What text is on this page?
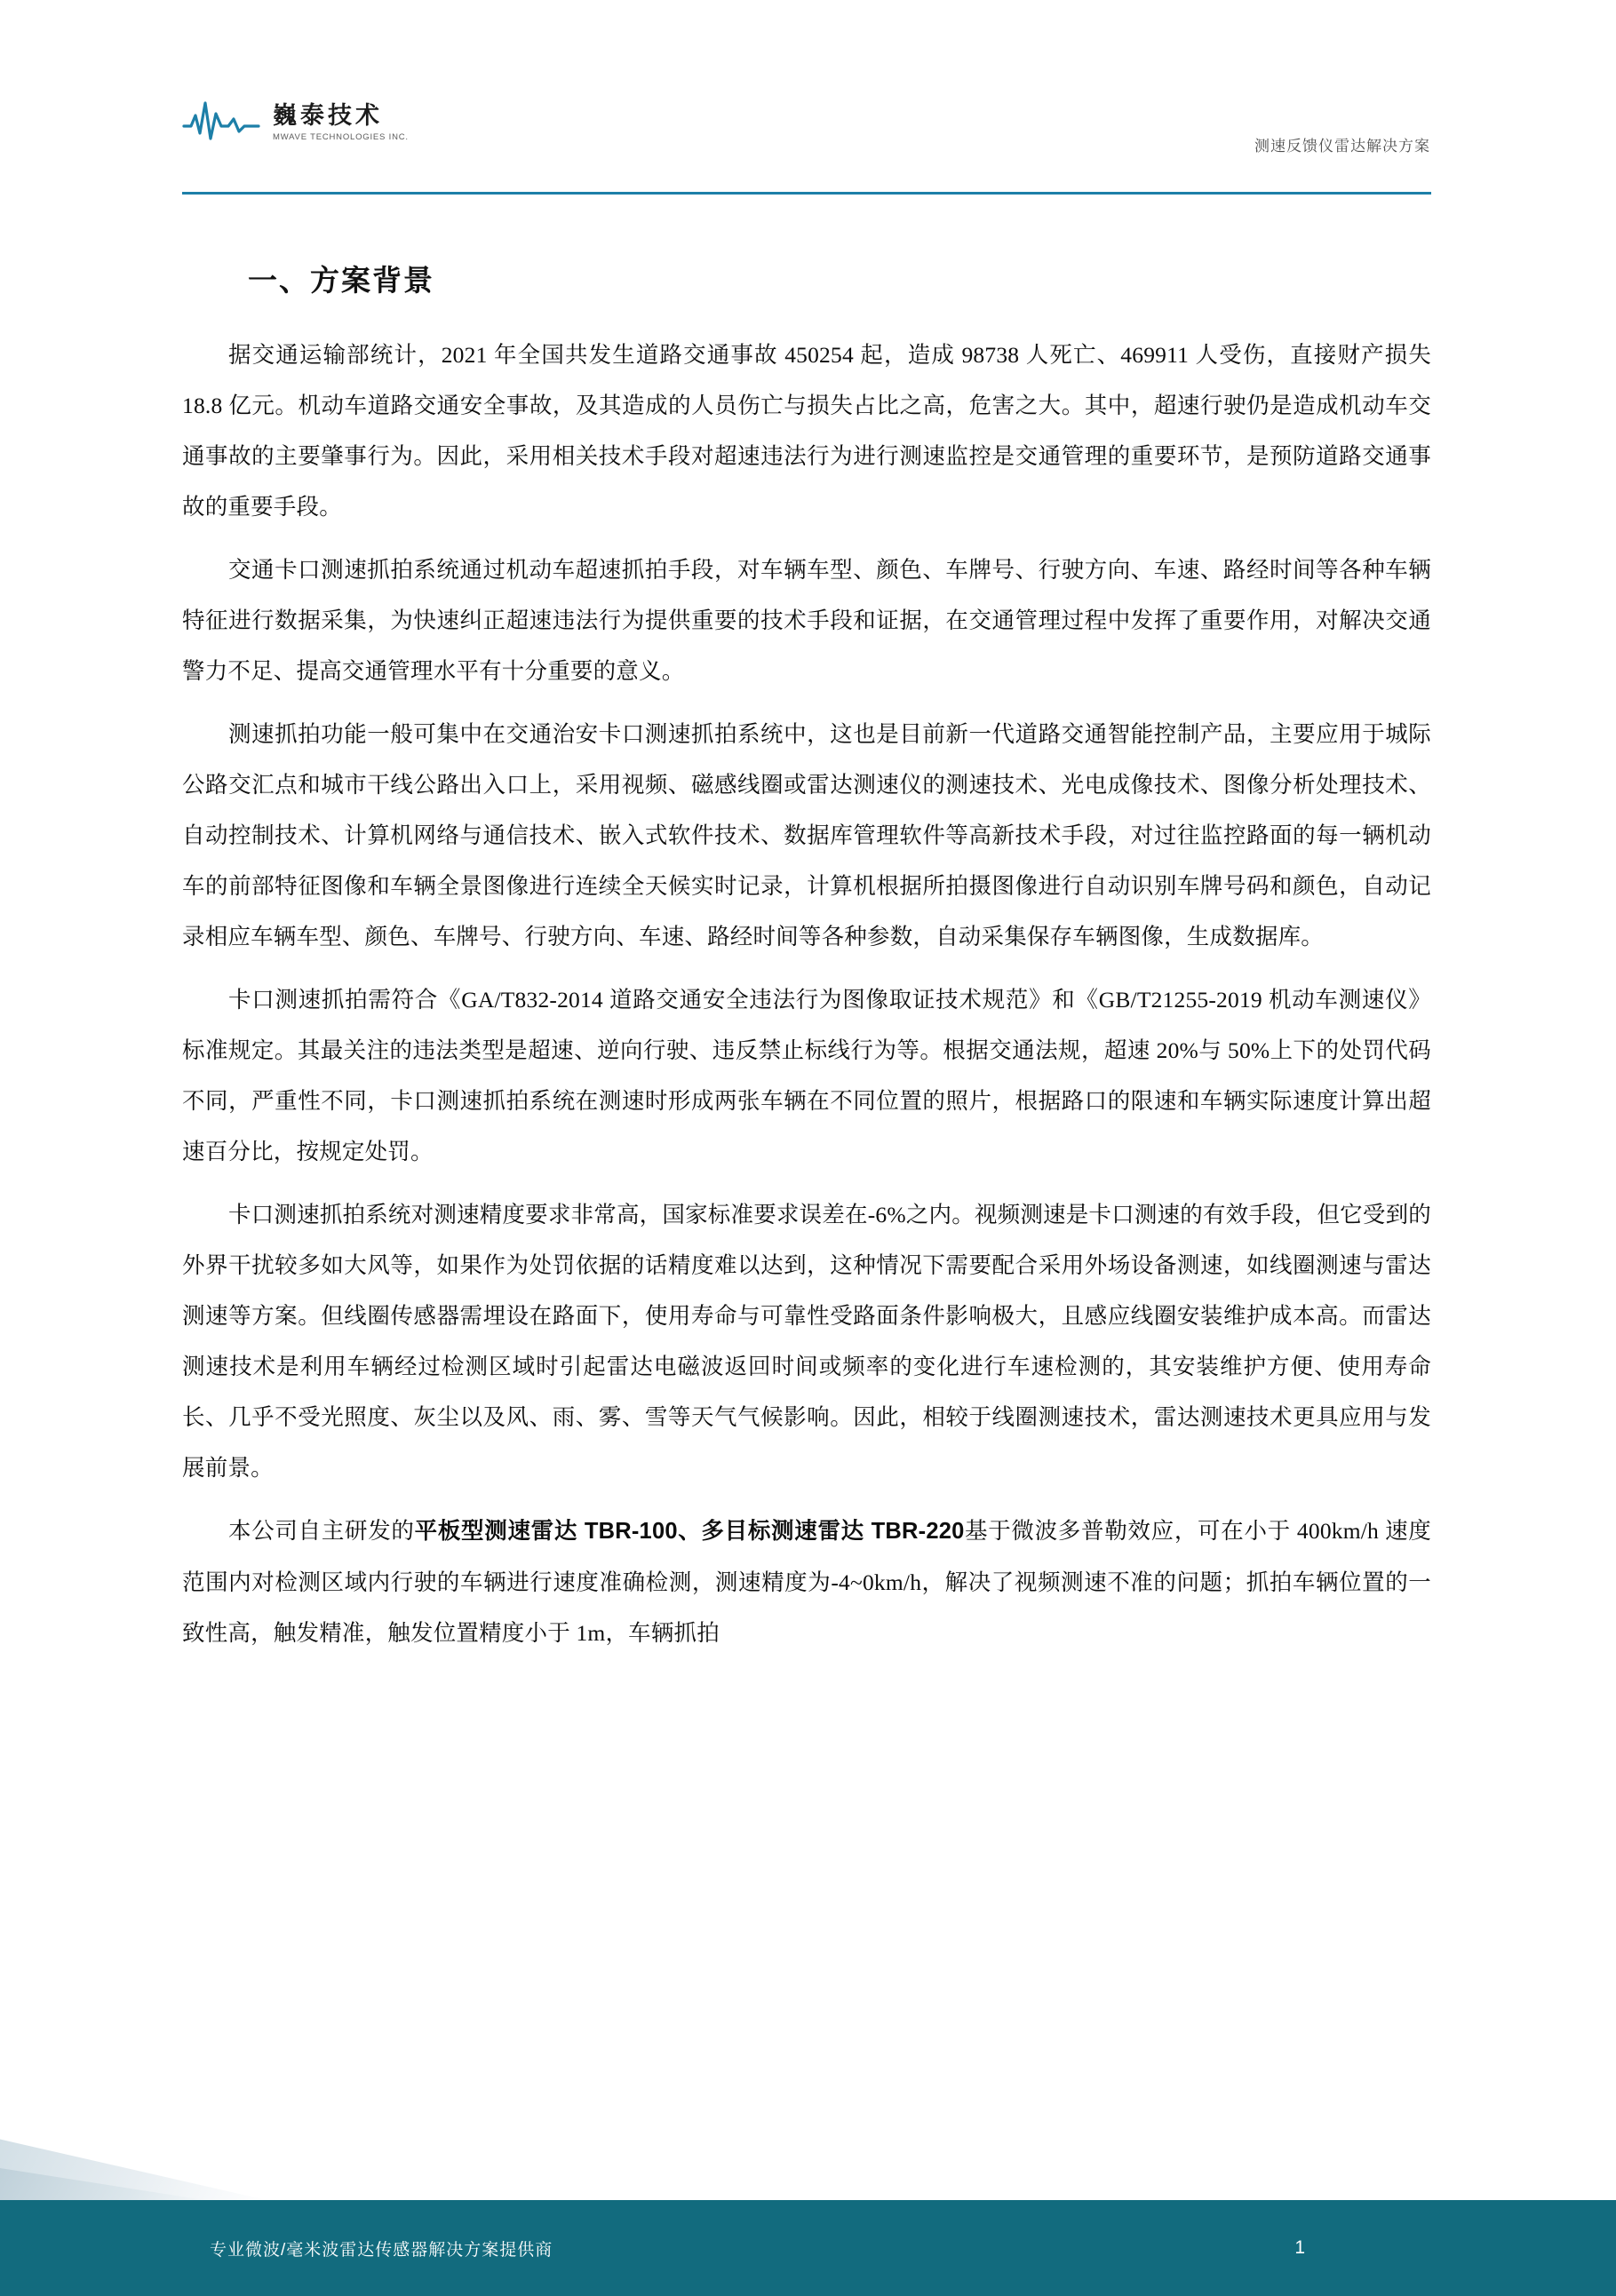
巍泰技术
MWAVE TECHNOLOGIES INC.
测速反馈仪雷达解决方案
一、方案背景

据交通运输部统计，2021 年全国共发生道路交通事故 450254 起，造成 98738 人死亡、469911 人受伤，直接财产损失 18.8 亿元。机动车道路交通安全事故，及其造成的人员伤亡与损失占比之高，危害之大。其中，超速行驶仍是造成机动车交通事故的主要肇事行为。因此，采用相关技术手段对超速违法行为进行测速监控是交通管理的重要环节，是预防道路交通事故的重要手段。

交通卡口测速抓拍系统通过机动车超速抓拍手段，对车辆车型、颜色、车牌号、行驶方向、车速、路经时间等各种车辆特征进行数据采集，为快速纠正超速违法行为提供重要的技术手段和证据，在交通管理过程中发挥了重要作用，对解决交通警力不足、提高交通管理水平有十分重要的意义。

测速抓拍功能一般可集中在交通治安卡口测速抓拍系统中，这也是目前新一代道路交通智能控制产品，主要应用于城际公路交汇点和城市干线公路出入口上，采用视频、磁感线圈或雷达测速仪的测速技术、光电成像技术、图像分析处理技术、自动控制技术、计算机网络与通信技术、嵌入式软件技术、数据库管理软件等高新技术手段，对过往监控路面的每一辆机动车的前部特征图像和车辆全景图像进行连续全天候实时记录，计算机根据所拍摄图像进行自动识别车牌号码和颜色，自动记录相应车辆车型、颜色、车牌号、行驶方向、车速、路经时间等各种参数，自动采集保存车辆图像，生成数据库。

卡口测速抓拍需符合《GA/T832-2014 道路交通安全违法行为图像取证技术规范》和《GB/T21255-2019 机动车测速仪》标准规定。其最关注的违法类型是超速、逆向行驶、违反禁止标线行为等。根据交通法规，超速 20%与 50%上下的处罚代码不同，严重性不同，卡口测速抓拍系统在测速时形成两张车辆在不同位置的照片，根据路口的限速和车辆实际速度计算出超速百分比，按规定处罚。

卡口测速抓拍系统对测速精度要求非常高，国家标准要求误差在-6%之内。视频测速是卡口测速的有效手段，但它受到的外界干扰较多如大风等，如果作为处罚依据的话精度难以达到，这种情况下需要配合采用外场设备测速，如线圈测速与雷达测速等方案。但线圈传感器需埋设在路面下，使用寿命与可靠性受路面条件影响极大，且感应线圈安装维护成本高。而雷达测速技术是利用车辆经过检测区域时引起雷达电磁波返回时间或频率的变化进行车速检测的，其安装维护方便、使用寿命长、几乎不受光照度、灰尘以及风、雨、雾、雪等天气气候影响。因此，相较于线圈测速技术，雷达测速技术更具应用与发展前景。

本公司自主研发的平板型测速雷达 TBR-100、多目标测速雷达 TBR-220基于微波多普勒效应，可在小于 400km/h 速度范围内对检测区域内行驶的车辆进行速度准确检测，测速精度为-4~0km/h，解决了视频测速不准的问题；抓拍车辆位置的一致性高，触发精准，触发位置精度小于 1m，车辆抓拍

专业微波/毫米波雷达传感器解决方案提供商	1
